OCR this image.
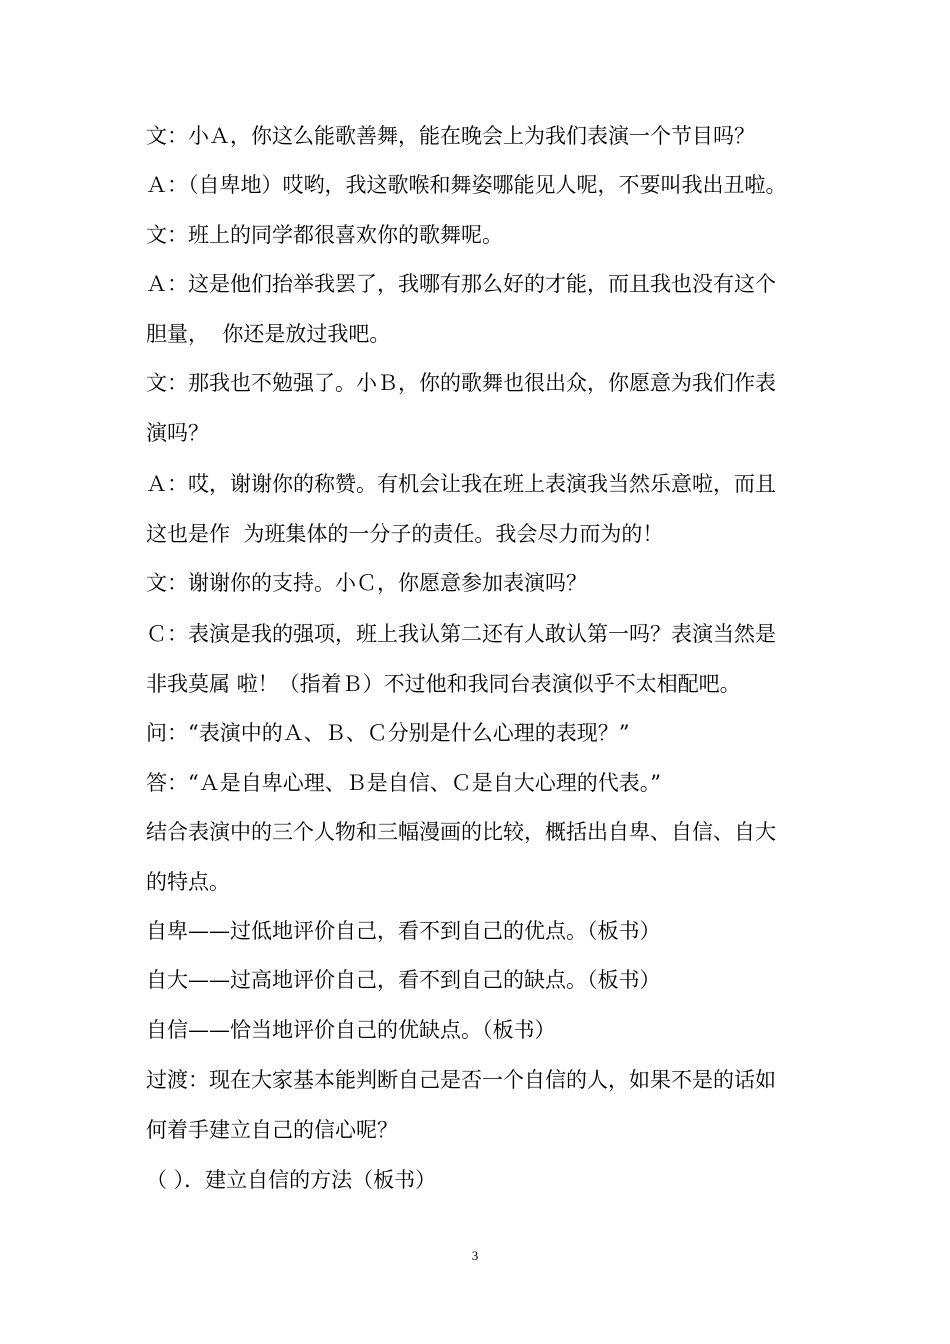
文：小Ａ，你这么能歌善舞，能在晚会上为我们表演一个节目吗？
Ａ：（自卑地）哎哟，我这歌喉和舞姿哪能见人呢，不要叫我出丑啦。
文：班上的同学都很喜欢你的歌舞呢。
Ａ：这是他们抬举我罢了，我哪有那么好的才能，而且我也没有这个
胆量，  你还是放过我吧。
文：那我也不勉强了。小Ｂ，你的歌舞也很出众，你愿意为我们作表
演吗？
Ａ：哎，谢谢你的称赞。有机会让我在班上表演我当然乐意啦，而且
这也是作  为班集体的一分子的责任。我会尽力而为的！
文：谢谢你的支持。小Ｃ，你愿意参加表演吗？
Ｃ：表演是我的强项，班上我认第二还有人敢认第一吗？表演当然是
非我莫属 啦！（指着Ｂ）不过他和我同台表演似乎不太相配吧。
问：“表演中的Ａ、Ｂ、Ｃ分别是什么心理的表现？”
答：“Ａ是自卑心理、Ｂ是自信、Ｃ是自大心理的代表。”
结合表演中的三个人物和三幅漫画的比较，概括出自卑、自信、自大
的特点。
自卑——过低地评价自己，看不到自己的优点。（板书）
自大——过高地评价自己，看不到自己的缺点。（板书）
自信——恰当地评价自己的优缺点。（板书）
过渡：现在大家基本能判断自己是否一个自信的人，如果不是的话如
何着手建立自己的信心呢？
（ ）．建立自信的方法（板书）
3
